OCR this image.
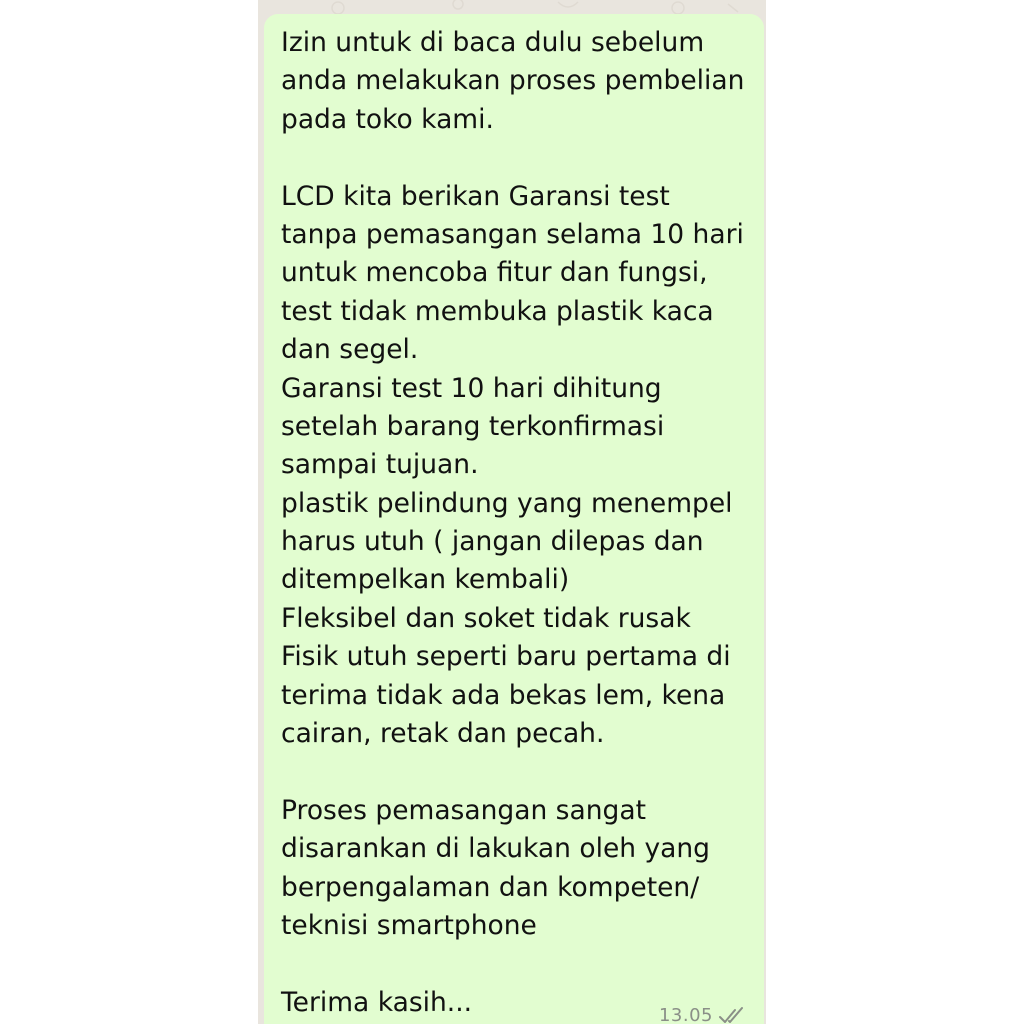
Izin untuk di baca dulu sebelum
anda melakukan proses pembelian
pada toko kami.
LCD kita berikan Garansi test
tanpa pemasangan selama 10 hari
untuk mencoba fitur dan fungsi,
test tidak membuka plastik kaca
dan segel.
Garansi test 10 hari dihitung
setelah barang terkonfirmasi
sampai tujuan.
plastik pelindung yang menempel
harus utuh ( jangan dilepas dan
ditempelkan kembali)
Fleksibel dan soket tidak rusak
Fisik utuh seperti baru pertama di
terima tidak ada bekas lem, kena
cairan, retak dan pecah.
Proses pemasangan sangat
disarankan di lakukan oleh yang
berpengalaman dan kompeten/
teknisi smartphone
Terima kasih...	13.05
